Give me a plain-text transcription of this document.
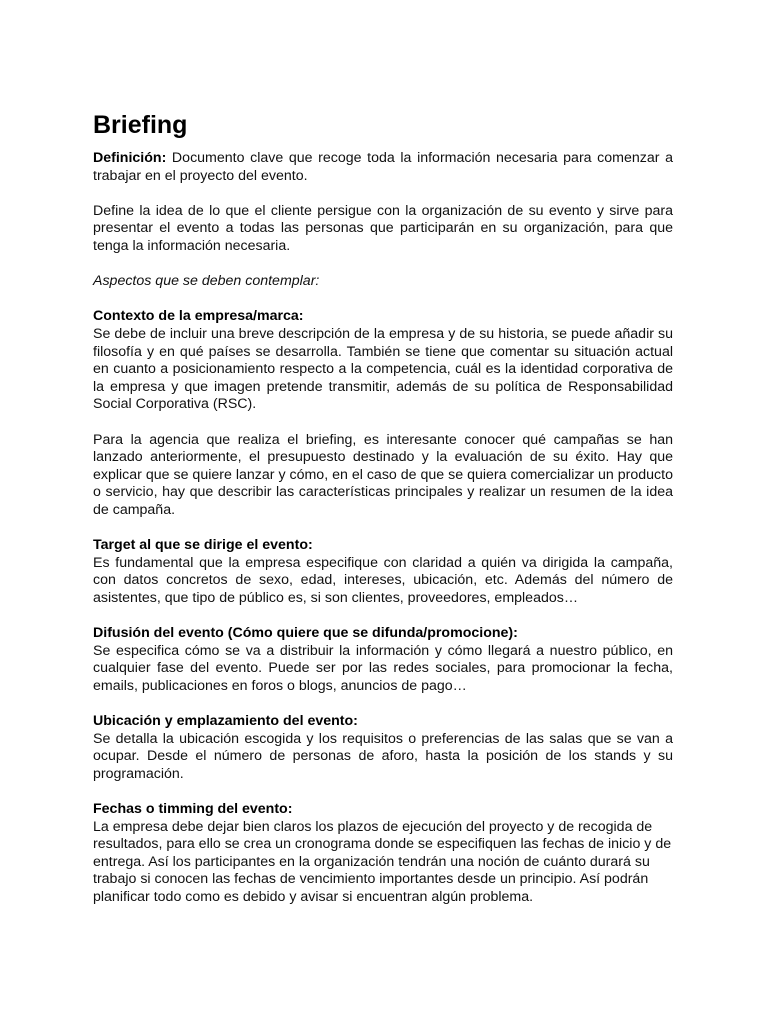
Briefing

Definición: Documento clave que recoge toda la información necesaria para comenzar a trabajar en el proyecto del evento.

Define la idea de lo que el cliente persigue con la organización de su evento y sirve para presentar el evento a todas las personas que participarán en su organización, para que tenga la información necesaria.

Aspectos que se deben contemplar:

Contexto de la empresa/marca:

Se debe de incluir una breve descripción de la empresa y de su historia, se puede añadir su filosofía y en qué países se desarrolla. También se tiene que comentar su situación actual en cuanto a posicionamiento respecto a la competencia, cuál es la identidad corporativa de la empresa y que imagen pretende transmitir, además de su política de Responsabilidad Social Corporativa (RSC).

Para la agencia que realiza el briefing, es interesante conocer qué campañas se han lanzado anteriormente, el presupuesto destinado y la evaluación de su éxito. Hay que explicar que se quiere lanzar y cómo, en el caso de que se quiera comercializar un producto o servicio, hay que describir las características principales y realizar un resumen de la idea de campaña.

Target al que se dirige el evento:

Es fundamental que la empresa especifique con claridad a quién va dirigida la campaña, con datos concretos de sexo, edad, intereses, ubicación, etc. Además del número de asistentes, que tipo de público es, si son clientes, proveedores, empleados…

Difusión del evento (Cómo quiere que se difunda/promocione):

Se especifica cómo se va a distribuir la información y cómo llegará a nuestro público, en cualquier fase del evento. Puede ser por las redes sociales, para promocionar la fecha, emails, publicaciones en foros o blogs, anuncios de pago…

Ubicación y emplazamiento del evento:

Se detalla la ubicación escogida y los requisitos o preferencias de las salas que se van a ocupar. Desde el número de personas de aforo, hasta la posición de los stands y su programación.

Fechas o timming del evento:

La empresa debe dejar bien claros los plazos de ejecución del proyecto y de recogida de resultados, para ello se crea un cronograma donde se especifiquen las fechas de inicio y de entrega. Así los participantes en la organización tendrán una noción de cuánto durará su trabajo si conocen las fechas de vencimiento importantes desde un principio. Así podrán planificar todo como es debido y avisar si encuentran algún problema.
